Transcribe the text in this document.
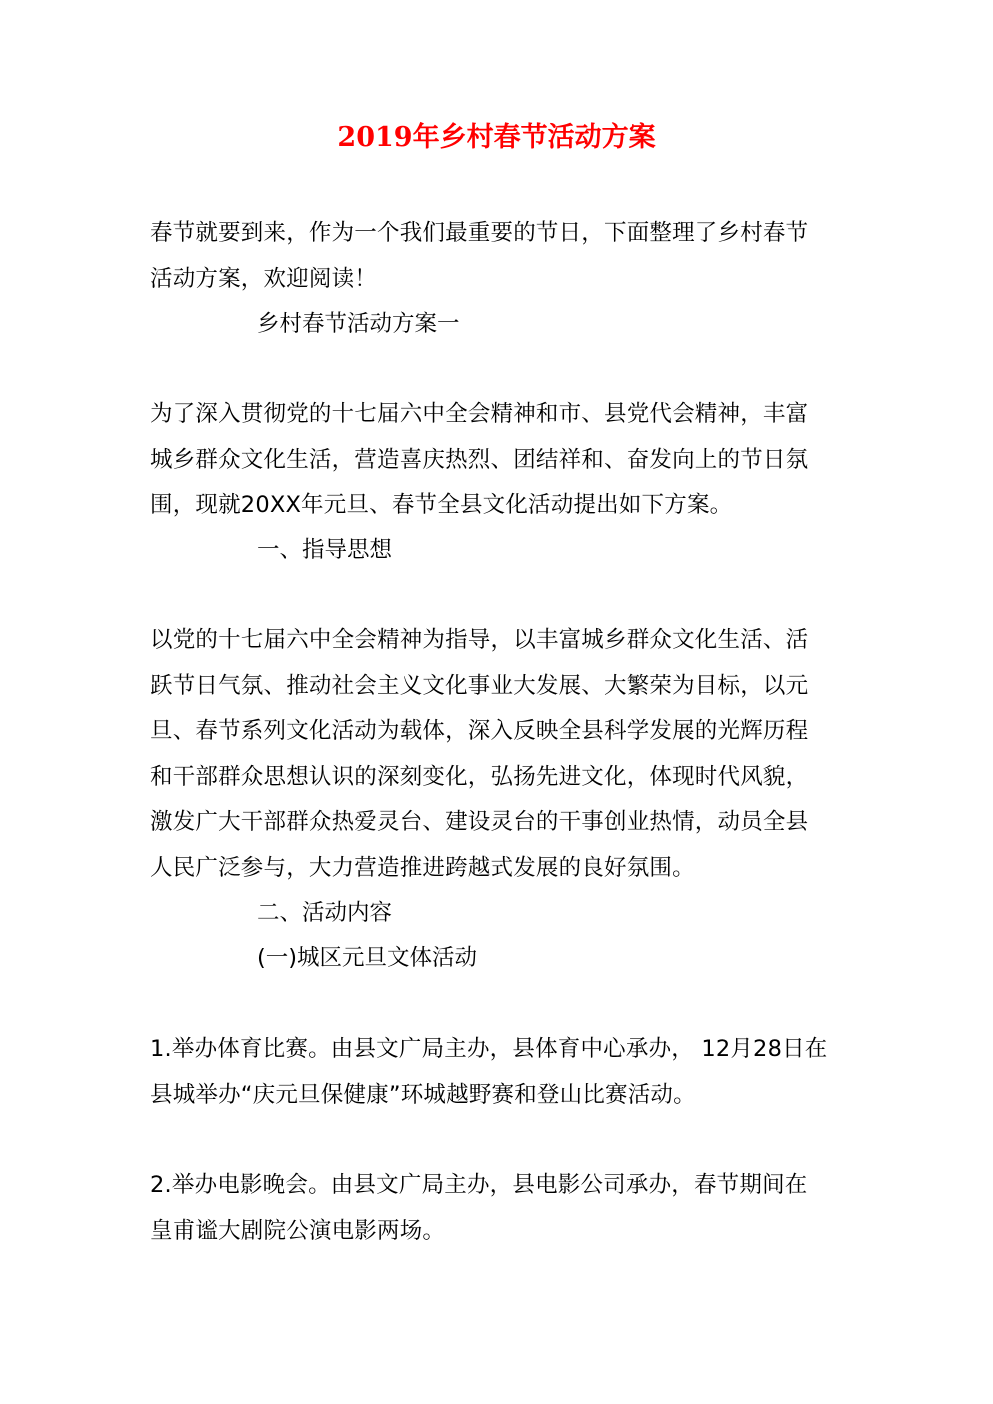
2019年乡村春节活动方案
春节就要到来，作为一个我们最重要的节日，下面整理了乡村春节
活动方案，欢迎阅读！
乡村春节活动方案一
为了深入贯彻党的十七届六中全会精神和市、县党代会精神，丰富
城乡群众文化生活，营造喜庆热烈、团结祥和、奋发向上的节日氛
围，现就20XX年元旦、春节全县文化活动提出如下方案。
一、指导思想
以党的十七届六中全会精神为指导，以丰富城乡群众文化生活、活
跃节日气氛、推动社会主义文化事业大发展、大繁荣为目标，以元
旦、春节系列文化活动为载体，深入反映全县科学发展的光辉历程
和干部群众思想认识的深刻变化，弘扬先进文化，体现时代风貌，
激发广大干部群众热爱灵台、建设灵台的干事创业热情，动员全县
人民广泛参与，大力营造推进跨越式发展的良好氛围。
二、活动内容
(一)城区元旦文体活动
1.举办体育比赛。由县文广局主办，县体育中心承办， 12月28日在
县城举办“庆元旦保健康”环城越野赛和登山比赛活动。
2.举办电影晚会。由县文广局主办，县电影公司承办，春节期间在
皇甫谧大剧院公演电影两场。
